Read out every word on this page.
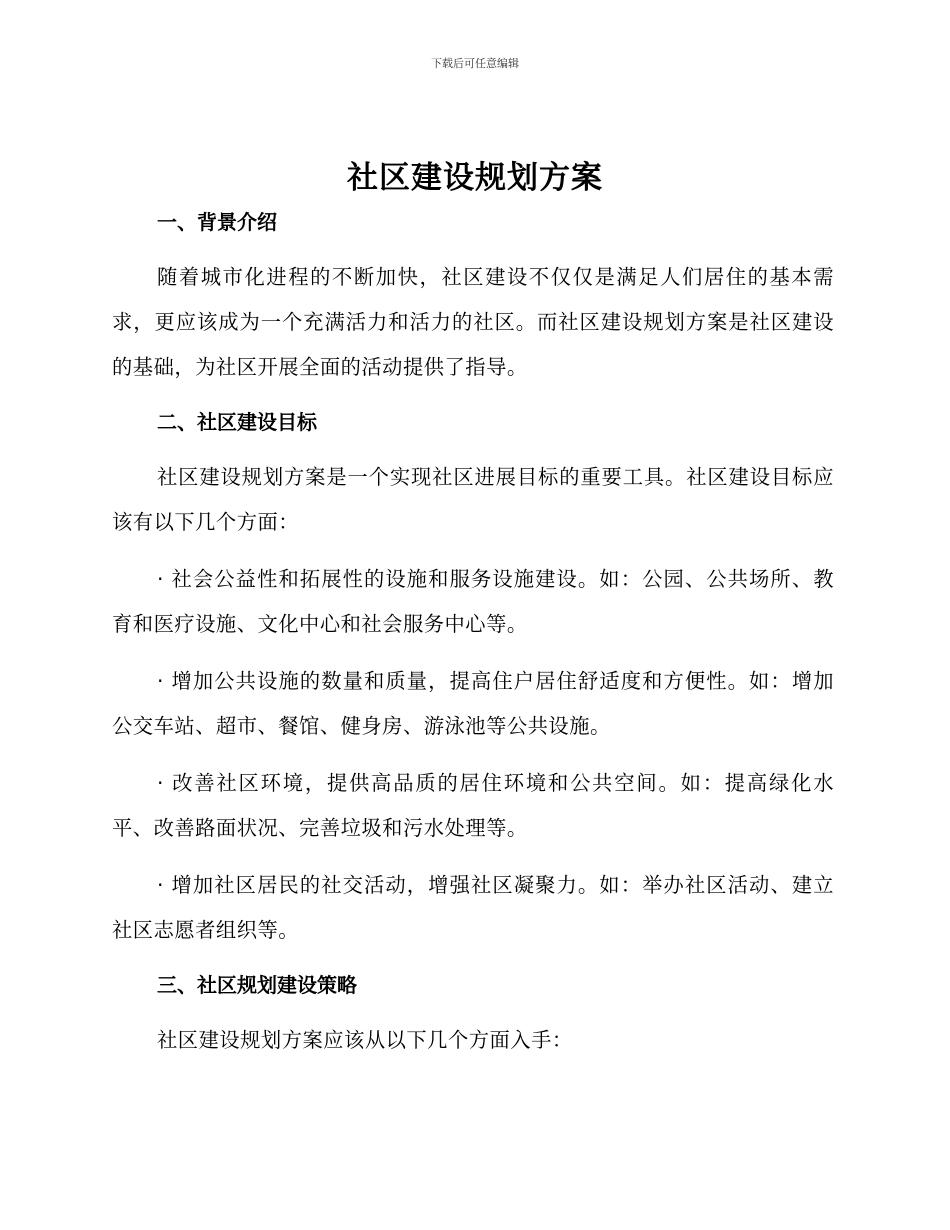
下载后可任意编辑
社区建设规划方案
一、背景介绍

随着城市化进程的不断加快，社区建设不仅仅是满足人们居住的基本需求，更应该成为一个充满活力和活力的社区。而社区建设规划方案是社区建设的基础，为社区开展全面的活动提供了指导。

二、社区建设目标

社区建设规划方案是一个实现社区进展目标的重要工具。社区建设目标应该有以下几个方面：

· 社会公益性和拓展性的设施和服务设施建设。如：公园、公共场所、教育和医疗设施、文化中心和社会服务中心等。

· 增加公共设施的数量和质量，提高住户居住舒适度和方便性。如：增加公交车站、超市、餐馆、健身房、游泳池等公共设施。

· 改善社区环境，提供高品质的居住环境和公共空间。如：提高绿化水平、改善路面状况、完善垃圾和污水处理等。

· 增加社区居民的社交活动，增强社区凝聚力。如：举办社区活动、建立社区志愿者组织等。

三、社区规划建设策略

社区建设规划方案应该从以下几个方面入手：
